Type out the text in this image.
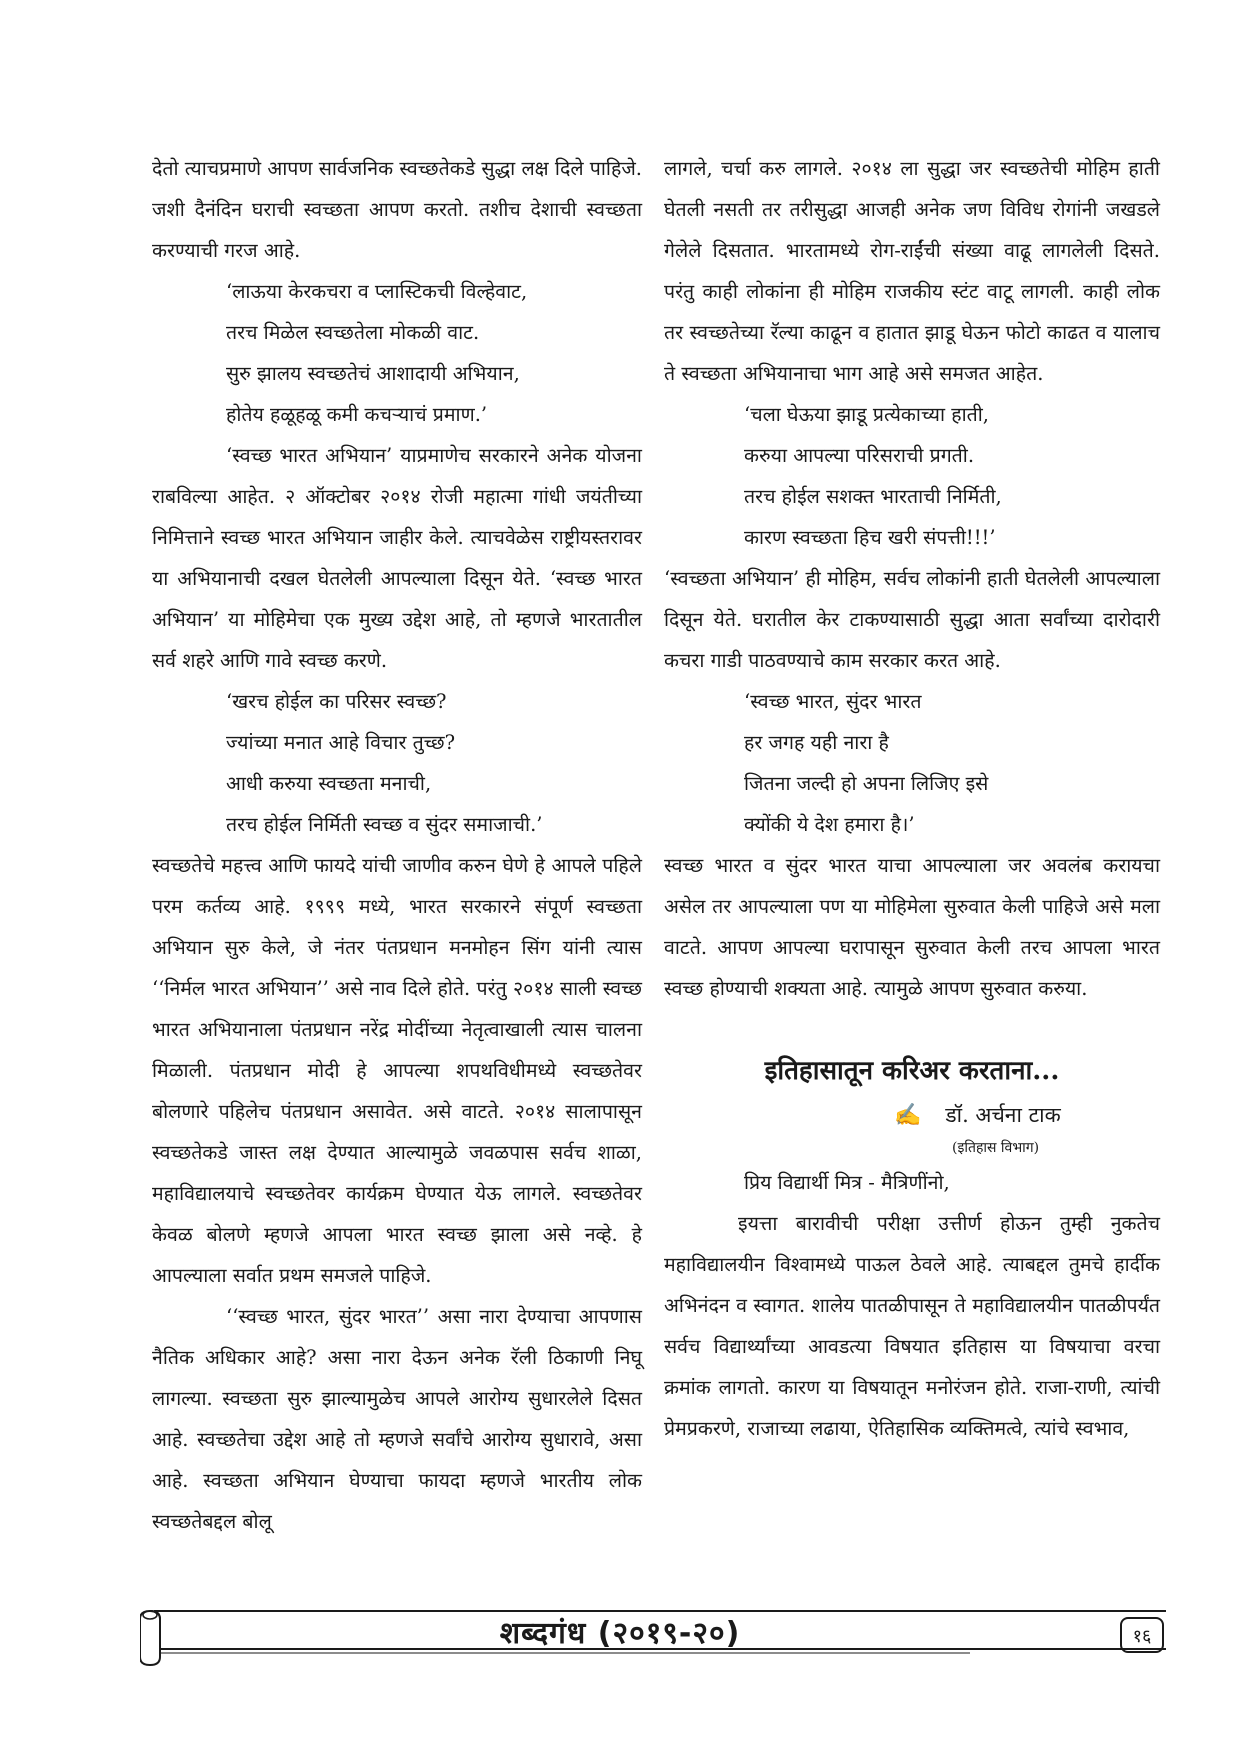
देतो त्याचप्रमाणे आपण सार्वजनिक स्वच्छतेकडे सुद्धा लक्ष दिले पाहिजे. जशी दैनंदिन घराची स्वच्छता आपण करतो. तशीच देशाची स्वच्छता करण्याची गरज आहे.

‘लाऊया केरकचरा व प्लास्टिकची विल्हेवाट,
तरच मिळेल स्वच्छतेला मोकळी वाट.
सुरु झालय स्वच्छतेचं आशादायी अभियान,
होतेय हळूहळू कमी कचऱ्याचं प्रमाण.’

‘स्वच्छ भारत अभियान’ याप्रमाणेच सरकारने अनेक योजना राबविल्या आहेत. २ ऑक्टोबर २०१४ रोजी महात्मा गांधी जयंतीच्या निमित्ताने स्वच्छ भारत अभियान जाहीर केले. त्याचवेळेस राष्ट्रीयस्तरावर या अभियानाची दखल घेतलेली आपल्याला दिसून येते. ‘स्वच्छ भारत अभियान’ या मोहिमेचा एक मुख्य उद्देश आहे, तो म्हणजे भारतातील सर्व शहरे आणि गावे स्वच्छ करणे.

‘खरच होईल का परिसर स्वच्छ?
ज्यांच्या मनात आहे विचार तुच्छ?
आधी करुया स्वच्छता मनाची,
तरच होईल निर्मिती स्वच्छ व सुंदर समाजाची.’

स्वच्छतेचे महत्त्व आणि फायदे यांची जाणीव करुन घेणे हे आपले पहिले परम कर्तव्य आहे. १९९९ मध्ये, भारत सरकारने संपूर्ण स्वच्छता अभियान सुरु केले, जे नंतर पंतप्रधान मनमोहन सिंग यांनी त्यास ‘‘निर्मल भारत अभियान’’ असे नाव दिले होते. परंतु २०१४ साली स्वच्छ भारत अभियानाला पंतप्रधान नरेंद्र मोदींच्या नेतृत्वाखाली त्यास चालना मिळाली. पंतप्रधान मोदी हे आपल्या शपथविधीमध्ये स्वच्छतेवर बोलणारे पहिलेच पंतप्रधान असावेत. असे वाटते. २०१४ सालापासून स्वच्छतेकडे जास्त लक्ष देण्यात आल्यामुळे जवळपास सर्वच शाळा, महाविद्यालयाचे स्वच्छतेवर कार्यक्रम घेण्यात येऊ लागले. स्वच्छतेवर केवळ बोलणे म्हणजे आपला भारत स्वच्छ झाला असे नव्हे. हे आपल्याला सर्वात प्रथम समजले पाहिजे.

‘‘स्वच्छ भारत, सुंदर भारत’’ असा नारा देण्याचा आपणास नैतिक अधिकार आहे? असा नारा देऊन अनेक रॅली ठिकाणी निघू लागल्या. स्वच्छता सुरु झाल्यामुळेच आपले आरोग्य सुधारलेले दिसत आहे. स्वच्छतेचा उद्देश आहे तो म्हणजे सर्वांचे आरोग्य सुधारावे, असा आहे. स्वच्छता अभियान घेण्याचा फायदा म्हणजे भारतीय लोक स्वच्छतेबद्दल बोलू

लागले, चर्चा करु लागले. २०१४ ला सुद्धा जर स्वच्छतेची मोहिम हाती घेतली नसती तर तरीसुद्धा आजही अनेक जण विविध रोगांनी जखडले गेलेले दिसतात. भारतामध्ये रोग-राईंची संख्या वाढू लागलेली दिसते. परंतु काही लोकांना ही मोहिम राजकीय स्टंट वाटू लागली. काही लोक तर स्वच्छतेच्या रॅल्या काढून व हातात झाडू घेऊन फोटो काढत व यालाच ते स्वच्छता अभियानाचा भाग आहे असे समजत आहेत.

‘चला घेऊया झाडू प्रत्येकाच्या हाती,
करुया आपल्या परिसराची प्रगती.
तरच होईल सशक्त भारताची निर्मिती,
कारण स्वच्छता हिच खरी संपत्ती!!!’

‘स्वच्छता अभियान’ ही मोहिम, सर्वच लोकांनी हाती घेतलेली आपल्याला दिसून येते. घरातील केर टाकण्यासाठी सुद्धा आता सर्वांच्या दारोदारी कचरा गाडी पाठवण्याचे काम सरकार करत आहे.

‘स्वच्छ भारत, सुंदर भारत
हर जगह यही नारा है
जितना जल्दी हो अपना लिजिए इसे
क्योंकी ये देश हमारा है।’

स्वच्छ भारत व सुंदर भारत याचा आपल्याला जर अवलंब करायचा असेल तर आपल्याला पण या मोहिमेला सुरुवात केली पाहिजे असे मला वाटते. आपण आपल्या घरापासून सुरुवात केली तरच आपला भारत स्वच्छ होण्याची शक्यता आहे. त्यामुळे आपण सुरुवात करुया.

इतिहासातून करिअर करताना...
✍ डॉ. अर्चना टाक
(इतिहास विभाग)

प्रिय विद्यार्थी मित्र - मैत्रिणींनो,

इयत्ता बारावीची परीक्षा उत्तीर्ण होऊन तुम्ही नुकतेच महाविद्यालयीन विश्वामध्ये पाऊल ठेवले आहे. त्याबद्दल तुमचे हार्दीक अभिनंदन व स्वागत. शालेय पातळीपासून ते महाविद्यालयीन पातळीपर्यंत सर्वच विद्यार्थ्यांच्या आवडत्या विषयात इतिहास या विषयाचा वरचा क्रमांक लागतो. कारण या विषयातून मनोरंजन होते. राजा-राणी, त्यांची प्रेमप्रकरणे, राजाच्या लढाया, ऐतिहासिक व्यक्तिमत्वे, त्यांचे स्वभाव,

शब्दगंध (२०१९-२०)	१६
